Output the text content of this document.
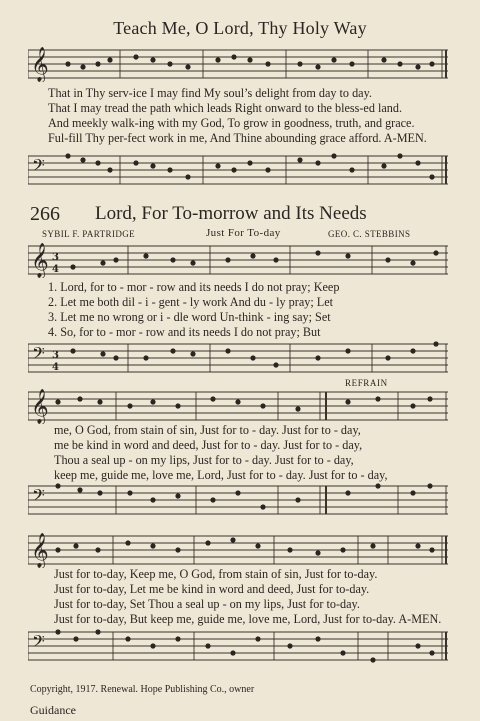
Teach Me, O Lord, Thy Holy Way
𝄞
That in Thy serv-ice I may find My soul’s delight from day to day.
That I may tread the path which leads Right onward to the bless-ed land.
And meekly walk-ing with my God, To grow in goodness, truth, and grace.
Ful-fill Thy per-fect work in me, And Thine abounding grace afford. A-MEN.
𝄢
266 Lord, For To-morrow and Its Needs
SYBIL F. PARTRIDGE	Just For To-day	GEO. C. STEBBINS
𝄞 3
4
1. Lord, for to - mor - row and its needs I do not pray; Keep
2. Let me both dil - i - gent - ly work And du - ly pray; Let
3. Let me no wrong or i - dle word Un-think - ing say; Set
4. So, for to - mor - row and its needs I do not pray; But
𝄢 3
4
REFRAIN
𝄞
me, O God, from stain of sin, Just for to - day. Just for to - day,
me be kind in word and deed, Just for to - day. Just for to - day,
Thou a seal up - on my lips, Just for to - day. Just for to - day,
keep me, guide me, love me, Lord, Just for to - day. Just for to - day,
𝄢
𝄞
Just for to-day, Keep me, O God, from stain of sin, Just for to-day.
Just for to-day, Let me be kind in word and deed, Just for to-day.
Just for to-day, Set Thou a seal up - on my lips, Just for to-day.
Just for to-day, But keep me, guide me, love me, Lord, Just for to-day. A-MEN.
𝄢
Copyright, 1917. Renewal. Hope Publishing Co., owner
Guidance
